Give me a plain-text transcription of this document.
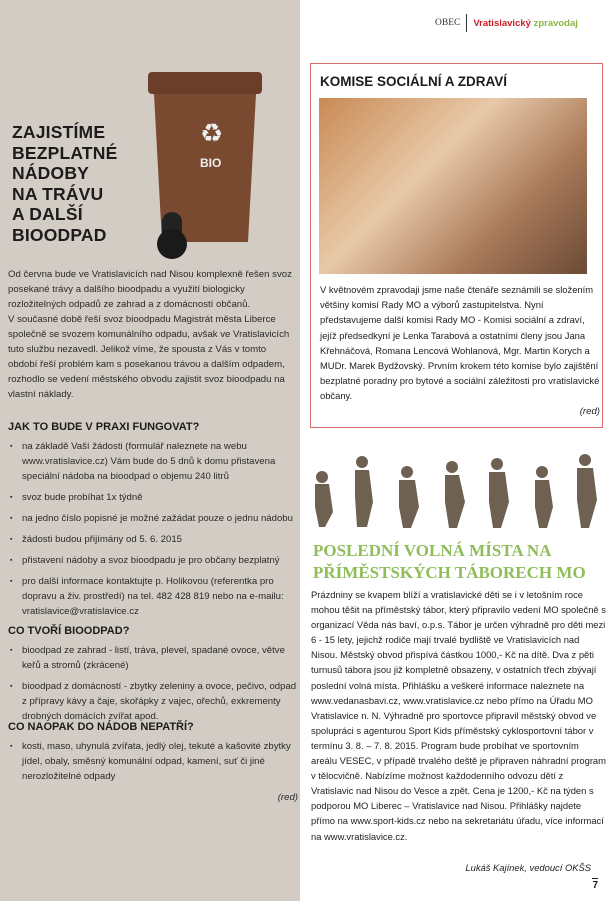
BIO
♻
ZAJISTÍME
BEZPLATNÉ
NÁDOBY
NA TRÁVU
A DALŠÍ
BIOODPAD

Od června bude ve Vratislavicích nad Nisou komplexně řešen svoz posekané trávy a dalšího bioodpadu a využití biologicky rozložitelných odpadů ze zahrad a z domácností občanů.

V současné době řeší svoz bioodpadu Magistrát města Liberce společně se svozem komunálního odpadu, avšak ve Vratislavicích tuto službu nezavedl. Jelikož víme, že spousta z Vás v tomto období řeší problém kam s posekanou trávou a dalším odpadem, rozhodlo se vedení městského obvodu zajistit svoz bioodpadu na vlastní náklady.

JAK TO BUDE V PRAXI FUNGOVAT?
▪ na základě Vaší žádosti (formulář naleznete na webu www.vratislavice.cz) Vám bude do 5 dnů k domu přistavena speciální nádoba na bioodpad o objemu 240 litrů
▪ svoz bude probíhat 1x týdně
▪ na jedno číslo popisné je možné zažádat pouze o jednu nádobu
▪ žádosti budou přijímány od 5. 6. 2015
▪ přistavení nádoby a svoz bioodpadu je pro občany bezplatný
▪ pro další informace kontaktujte p. Holikovou (referentka pro dopravu a živ. prostředí) na tel. 482 428 819 nebo na e-mailu: vratislavice@vratislavice.cz
CO TVOŘÍ BIOODPAD?
▪ bioodpad ze zahrad - listí, tráva, plevel, spadané ovoce, větve keřů a stromů (zkrácené)
▪ bioodpad z domácností - zbytky zeleniny a ovoce, pečivo, odpad z přípravy kávy a čaje, skořápky z vajec, ořechů, exkrementy drobných domácích zvířat apod.
CO NAOPAK DO NÁDOB NEPATŘÍ?
▪ kosti, maso, uhynulá zvířata, jedlý olej, tekuté a kašovité zbytky jídel, obaly, směsný komunální odpad, kamení, suť či jiné nerozložitelné odpady
(red)
OBEC Vratislavický zpravodaj
KOMISE SOCIÁLNÍ A ZDRAVÍ

V květnovém zpravodaji jsme naše čtenáře seznámili se složením většiny komisí Rady MO a výborů zastupitelstva. Nyní představujeme další komisi Rady MO - Komisi sociální a zdraví, jejíž předsedkyní je Lenka Tarabová a ostatními členy jsou Jana Křehnáčová, Romana Lencová Wohlanová, Mgr. Martin Korych a MUDr. Marek Bydžovský. Prvním krokem této komise bylo zajištění bezplatné poradny pro bytové a sociální záležitosti pro vratislavické občany.

(red)
POSLEDNÍ VOLNÁ MÍSTA NA
PŘÍMĚSTSKÝCH TÁBORECH MO
Prázdniny se kvapem blíží a vratislavické děti se i v letošním roce mohou těšit na příměstský tábor, který připravilo vedení MO společně s organizací Věda nás baví, o.p.s. Tábor je určen výhradně pro děti mezi 6 - 15 lety, jejichž rodiče mají trvalé bydliště ve Vratislavicích nad Nisou. Městský obvod přispívá částkou 1000,- Kč na dítě. Dva z pěti turnusů tábora jsou již kompletně obsazeny, v ostatních třech zbývají poslední volná místa. Přihlášku a veškeré informace naleznete na www.vedanasbavi.cz, www.vratislavice.cz nebo přímo na Úřadu MO Vratislavice n. N. Výhradně pro sportovce připravil městský obvod ve spolupráci s agenturou Sport Kids příměstský cyklosportovní tábor v termínu 3. 8. – 7. 8. 2015. Program bude probíhat ve sportovním areálu VESEC, v případě trvalého deště je připraven náhradní program v tělocvičně. Nabízíme možnost každodenního odvozu dětí z Vratislavic nad Nisou do Vesce a zpět. Cena je 1200,- Kč na týden s podporou MO Liberec – Vratislavice nad Nisou. Přihlášky najdete přímo na www.sport-kids.cz nebo na sekretariátu úřadu, více informací na www.vratislavice.cz.
Lukáš Kajínek, vedoucí OKŠS
7
